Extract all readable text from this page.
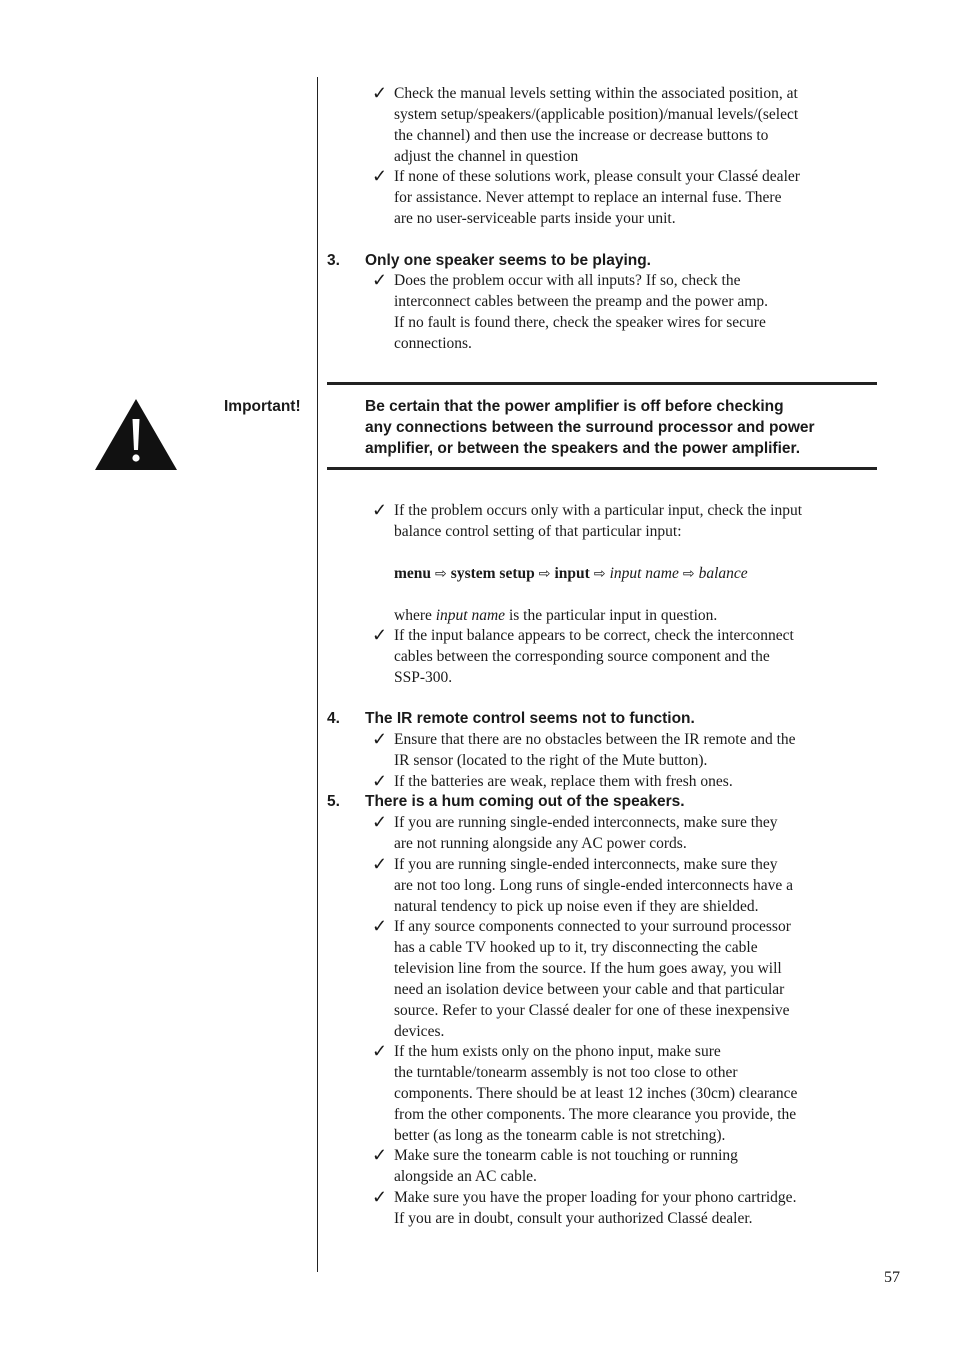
✓ Check the manual levels setting within the associated position, at
system setup/speakers/(applicable position)/manual levels/(select
the channel) and then use the increase or decrease buttons to
adjust the channel in question
✓ If none of these solutions work, please consult your Classé dealer
for assistance. Never attempt to replace an internal fuse. There
are no user-serviceable parts inside your unit.
3. Only one speaker seems to be playing.
✓ Does the problem occur with all inputs? If so, check the
interconnect cables between the preamp and the power amp.
If no fault is found there, check the speaker wires for secure
connections.
Important!	Be certain that the power amplifier is off before checking
any connections between the surround processor and power
amplifier, or between the speakers and the power amplifier.
✓ If the problem occurs only with a particular input, check the input
balance control setting of that particular input:
menu ⇨ system setup ⇨ input ⇨ input name ⇨ balance
where input name is the particular input in question.
✓ If the input balance appears to be correct, check the interconnect
cables between the corresponding source component and the
SSP-300.
4. The IR remote control seems not to function.
✓ Ensure that there are no obstacles between the IR remote and the
IR sensor (located to the right of the Mute button).
✓ If the batteries are weak, replace them with fresh ones.
5. There is a hum coming out of the speakers.
✓ If you are running single-ended interconnects, make sure they
are not running alongside any AC power cords.
✓ If you are running single-ended interconnects, make sure they
are not too long. Long runs of single-ended interconnects have a
natural tendency to pick up noise even if they are shielded.
✓ If any source components connected to your surround processor
has a cable TV hooked up to it, try disconnecting the cable
television line from the source. If the hum goes away, you will
need an isolation device between your cable and that particular
source. Refer to your Classé dealer for one of these inexpensive
devices.
✓ If the hum exists only on the phono input, make sure
the turntable/tonearm assembly is not too close to other
components. There should be at least 12 inches (30cm) clearance
from the other components. The more clearance you provide, the
better (as long as the tonearm cable is not stretching).
✓ Make sure the tonearm cable is not touching or running
alongside an AC cable.
✓ Make sure you have the proper loading for your phono cartridge.
If you are in doubt, consult your authorized Classé dealer.
57
